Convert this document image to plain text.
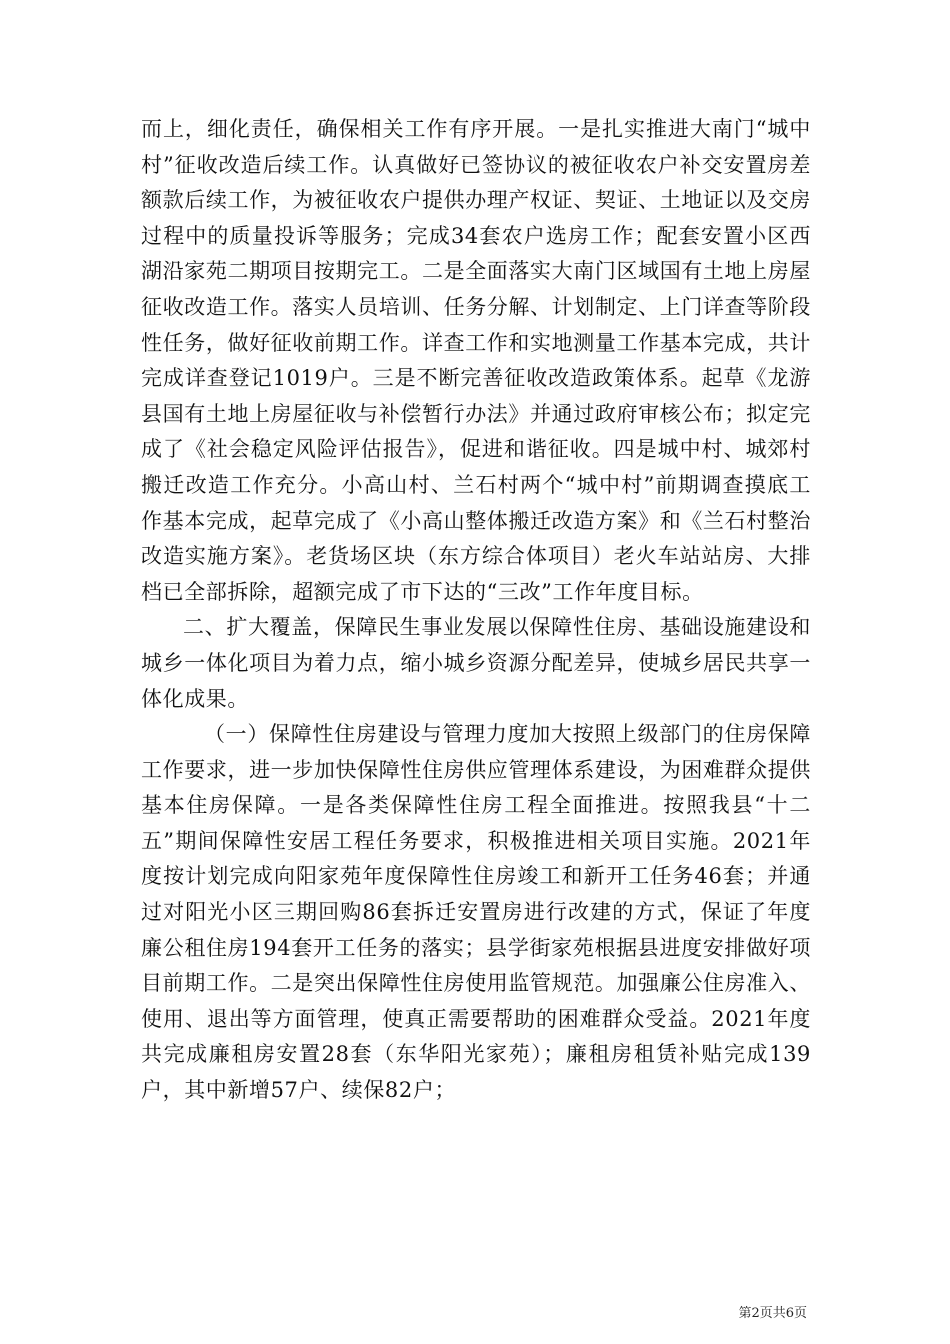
而上，细化责任，确保相关工作有序开展。一是扎实推进大南门“城中村”征收改造后续工作。认真做好已签协议的被征收农户补交安置房差额款后续工作，为被征收农户提供办理产权证、契证、土地证以及交房过程中的质量投诉等服务；完成34套农户选房工作；配套安置小区西湖沿家苑二期项目按期完工。二是全面落实大南门区域国有土地上房屋征收改造工作。落实人员培训、任务分解、计划制定、上门详查等阶段性任务，做好征收前期工作。详查工作和实地测量工作基本完成，共计完成详查登记1019户。三是不断完善征收改造政策体系。起草《龙游县国有土地上房屋征收与补偿暂行办法》并通过政府审核公布；拟定完成了《社会稳定风险评估报告》，促进和谐征收。四是城中村、城郊村搬迁改造工作充分。小高山村、兰石村两个“城中村”前期调查摸底工作基本完成，起草完成了《小高山整体搬迁改造方案》和《兰石村整治改造实施方案》。老货场区块（东方综合体项目）老火车站站房、大排档已全部拆除，超额完成了市下达的“三改”工作年度目标。

二、扩大覆盖，保障民生事业发展以保障性住房、基础设施建设和城乡一体化项目为着力点，缩小城乡资源分配差异，使城乡居民共享一体化成果。

（一）保障性住房建设与管理力度加大按照上级部门的住房保障工作要求，进一步加快保障性住房供应管理体系建设，为困难群众提供基本住房保障。一是各类保障性住房工程全面推进。按照我县“十二五”期间保障性安居工程任务要求，积极推进相关项目实施。2021年度按计划完成向阳家苑年度保障性住房竣工和新开工任务46套；并通过对阳光小区三期回购86套拆迁安置房进行改建的方式，保证了年度廉公租住房194套开工任务的落实；县学街家苑根据县进度安排做好项目前期工作。二是突出保障性住房使用监管规范。加强廉公住房准入、使用、退出等方面管理，使真正需要帮助的困难群众受益。2021年度共完成廉租房安置28套（东华阳光家苑）；廉租房租赁补贴完成139户，其中新增57户、续保82户；

第2页共6页
